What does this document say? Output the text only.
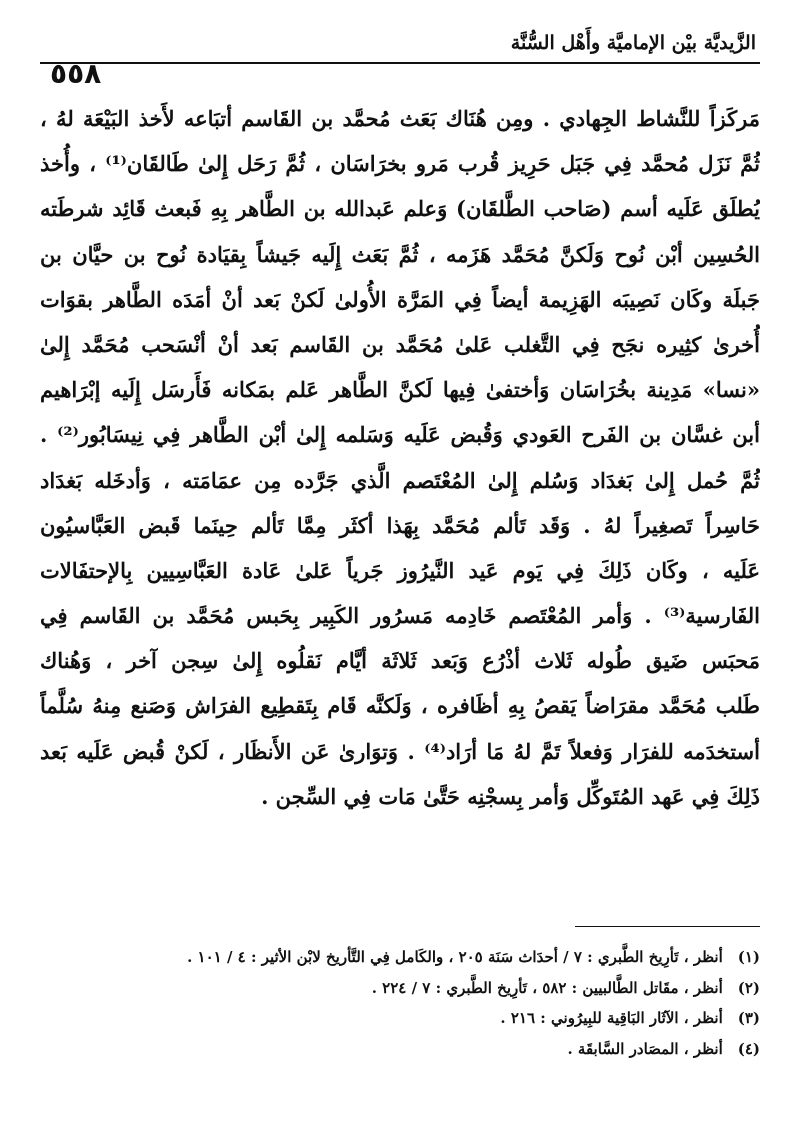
الزَّيديَّة بيْن الإماميَّة وأَهْل السُّنَّة
٥٥٨
مَركَزاً للنَّشاط الجِهادي . ومِن هُنَاك بَعَث مُحمَّد بن القَاسم أتبَاعه لأَخذ البَيْعَة لهُ ،
ثُمَّ نَزَل مُحمَّد فِي جَبَل حَرِيز قُرب مَرو بخرَاسَان ، ثُمَّ رَحَل إِلىٰ طَالقَان⁽¹⁾ ، وأُخذ
يُطلَق عَلَيه أسم (صَاحب الطَّلقَان) وَعلم عَبدالله بن الطَّاهر بِهِ فَبعث قَائِد شرطَته
الحُسِين أبْن نُوح وَلَكنَّ مُحَمَّد هَزَمه ، ثُمَّ بَعَث إِلَيه جَيشاً بِقيَادة نُوح بن حيَّان بن
جَبلَة وكَان نَصِيبَه الهَزِيمة أيضاً فِي المَرَّة الأُولىٰ لَكنْ بَعد أنْ أمَدَه الطَّاهر بقوَات
أُخرىٰ كثِيره نجَح فِي التَّغلب عَلىٰ مُحَمَّد بن القَاسم بَعد أنْ أنْسَحب مُحَمَّد إِلىٰ
«نسا» مَدِينة بخُرَاسَان وَأختفىٰ فِيها لَكنَّ الطَّاهر عَلم بمَكانه فَأَرسَل إِلَيه إبْرَاهيم
أبن غسَّان بن الفَرح العَودي وَقُبض عَلَيه وَسَلمه إِلىٰ أبْن الطَّاهر فِي نِيسَابُور⁽²⁾ .
ثُمَّ حُمل إِلىٰ بَغدَاد وَسُلم إِلىٰ المُعْتَصم الَّذي جَرَّده مِن عمَامَته ، وَأدخَله بَغدَاد
حَاسِراً تَصغِيراً لهُ . وَقَد تَألم مُحَمَّد بِهَذا أكثَر مِمَّا تَألم حِينَما قَبض العَبَّاسيُون
عَلَيه ، وكَان ذَلِكَ فِي يَوم عَيد النَّيرُوز جَرياً عَلىٰ عَادة العَبَّاسِيين بِالإحتفَالات
الفَارسية⁽³⁾ . وَأمر المُعْتَصم خَادِمه مَسرُور الكَبِير بِحَبس مُحَمَّد بن القَاسم فِي
مَحبَس ضَيق طُوله ثَلاث أذْرُع وَبَعد ثَلاثَة أيَّام نَقلُوه إِلىٰ سِجن آخر ، وَهُناك
طَلب مُحَمَّد مقرَاضاً يَقصُ بِهِ أظَافره ، وَلَكنَّه قَام بِتَقطِيع الفرَاش وَصَنع مِنهُ سُلَّماً
أستخدَمه للفرَار وَفعلاً تَمَّ لهُ مَا أرَاد⁽⁴⁾ . وَتوَارىٰ عَن الأَنظَار ، لَكنْ قُبض عَلَيه بَعد
ذَلِكَ فِي عَهد المُتَوكِّل وَأمر بِسجْنِه حَتَّىٰ مَات فِي السِّجن .
(١) أنظر ، تَأرِيخ الطَّبري : ٧ / أحدَاث سَنَة ٢٠٥ ، والكَامل فِي التَّأريخ لابْن الأثير : ٤ / ١٠١ .
(٢) أنظر ، مقَاتل الطَّالبيين : ٥٨٢ ، تَأرِيخ الطَّبري : ٧ / ٢٢٤ .
(٣) أنظر ، الآثَار البَاقِية للبِيرُوني : ٢١٦ .
(٤) أنظر ، المصَادر السَّابقَة .
